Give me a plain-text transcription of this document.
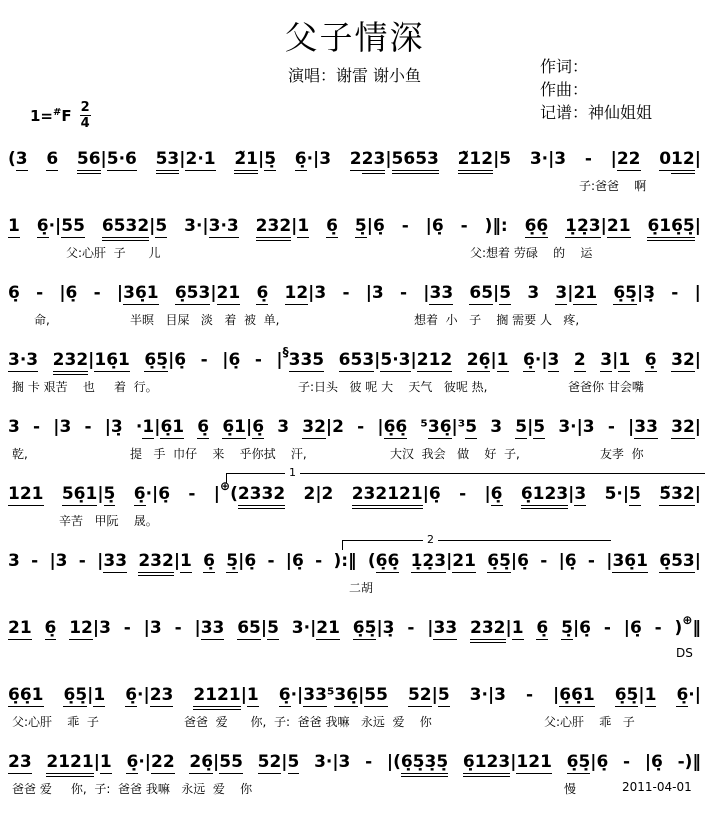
父子情深
演唱：谢雷 谢小鱼	作词：
作曲：
记谱：神仙姐姐
$1=^{\#}F \frac{2}{4}$
(3 6 56|5·6 53|2·1 2̃1|5̣ 6̣·|3 223|5653 2̃12|5 3·|3 - |22 012|
子:爸爸    啊
1 6̣·|55 6532|5 3·|3·3 232|1 6̣ 5̣|6̣ - |6̣ - )‖: 6̣6̣ 1̣2̣3|21 6̣16̣5̣|
父:心肝  子      儿	父:想着 劳碌    的    运
6̣ - |6̣ - |36̣1 6̣53|21 6̣ 12|3 - |3 - |33 65|5 3 3|21 6̣5̣|3̣ - |
命,	半暝   目屎   淡   着  被  单,	想着  小   子    搁 需要 人   疼,
3·3 232|16̣1 6̣5̣|6̣ - |6̣ - |§335 653|5·3|212 26̣|1 6̣·|3 2 3|1 6̣ 32|
搁 卡 艰苦    也     着  行。	子:日头   彼 呢 大    天气   彼呢 热,	爸爸你 甘会嘴
3 - |3 - |3̣ ·1|6̣1 6̣ 6̣1|6̣ 3 32|2 - |6̣6̣ ⁵36̣|³5 3 5|5 3·|3 - |33 32|
乾,	提   手  巾仔    来    乎你拭    汗,	大汉  我会   做    好  子,	友孝  你
121 56̣1|5̣ 6̣·|6̣ - |⊕(2332 2|2 232121|6̣ - |6̣ 6̣123|3 5·|5 5̃32|
辛苦   甲阮    晟。
1
3 - |3 - |33 232|1 6̣ 5̣|6̣ - |6̣ - ):‖ (6̣6̣ 1̣2̣3|21 6̣5̣|6̣ - |6̣ - |36̣1 6̣53|
二胡
2
21 6̣ 12|3 - |3 - |33 65|5 3·|21 6̣5̣|3̣ - |33 232|1 6̣ 5̣|6̣ - |6̣ - )⊕‖
DS
6̣6̣1 6̣5̣|1 6̣·|23 2121|1 6̣·|33⁵36̣|55 52|5 3·|3 - |6̣6̣1 6̣5̣|1 6̣·|
父:心肝    乖  子	爸爸  爱      你,  子:  爸爸 我嘛   永远  爱    你	父:心肝    乖   子
23 2121|1 6̣·|22 26̣|55 52|5 3·|3 - |(6̣5̣3̣5̣ 6̣123|121 6̣5̣|6̣ - |6̣ -)‖
爸爸 爱     你,  子:  爸爸 我嘛   永远  爱    你	慢	2011-04-01
